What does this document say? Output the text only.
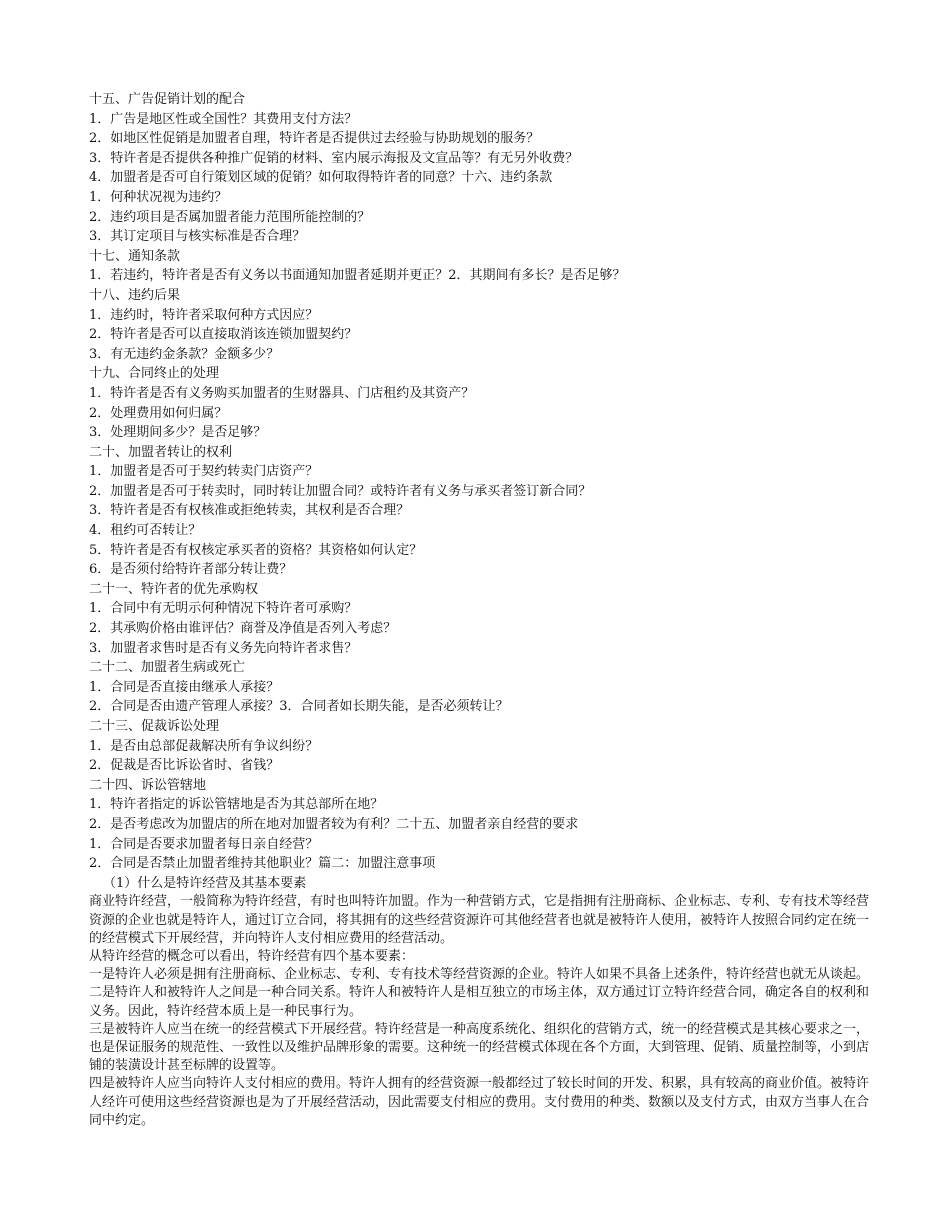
十五、广告促销计划的配合
1．广告是地区性或全国性？其费用支付方法？
2．如地区性促销是加盟者自理，特许者是否提供过去经验与协助规划的服务？
3．特许者是否提供各种推广促销的材料、室内展示海报及文宣品等？有无另外收费？
4．加盟者是否可自行策划区域的促销？如何取得特许者的同意？十六、违约条款
1．何种状况视为违约？
2．违约项目是否属加盟者能力范围所能控制的？
3．其订定项目与核实标准是否合理？
十七、通知条款
1．若违约，特许者是否有义务以书面通知加盟者延期并更正？2．其期间有多长？是否足够？
十八、违约后果
1．违约时，特许者采取何种方式因应？
2．特许者是否可以直接取消该连锁加盟契约？
3．有无违约金条款？金额多少？
十九、合同终止的处理
1．特许者是否有义务购买加盟者的生财器具、门店租约及其资产？
2．处理费用如何归属？
3．处理期间多少？是否足够？
二十、加盟者转让的权利
1．加盟者是否可于契约转卖门店资产？
2．加盟者是否可于转卖时，同时转让加盟合同？或特许者有义务与承买者签订新合同？
3．特许者是否有权核准或拒绝转卖，其权利是否合理？
4．租约可否转让？
5．特许者是否有权核定承买者的资格？其资格如何认定？
6．是否须付给特许者部分转让费？
二十一、特许者的优先承购权
1．合同中有无明示何种情况下特许者可承购？
2．其承购价格由谁评估？商誉及净值是否列入考虑？
3．加盟者求售时是否有义务先向特许者求售？
二十二、加盟者生病或死亡
1．合同是否直接由继承人承接？
2．合同是否由遗产管理人承接？3．合同者如长期失能，是否必须转让？
二十三、促裁诉讼处理
1．是否由总部促裁解决所有争议纠纷？
2．促裁是否比诉讼省时、省钱？
二十四、诉讼管辖地
1．特许者指定的诉讼管辖地是否为其总部所在地？
2．是否考虑改为加盟店的所在地对加盟者较为有利？二十五、加盟者亲自经营的要求
1．合同是否要求加盟者每日亲自经营？
2．合同是否禁止加盟者维持其他职业？篇二：加盟注意事项
（1）什么是特许经营及其基本要素

商业特许经营，一般简称为特许经营，有时也叫特许加盟。作为一种营销方式，它是指拥有注册商标、企业标志、专利、专有技术等经营资源的企业也就是特许人，通过订立合同，将其拥有的这些经营资源许可其他经营者也就是被特许人使用，被特许人按照合同约定在统一的经营模式下开展经营，并向特许人支付相应费用的经营活动。

从特许经营的概念可以看出，特许经营有四个基本要素：

一是特许人必须是拥有注册商标、企业标志、专利、专有技术等经营资源的企业。特许人如果不具备上述条件，特许经营也就无从谈起。

二是特许人和被特许人之间是一种合同关系。特许人和被特许人是相互独立的市场主体，双方通过订立特许经营合同，确定各自的权利和义务。因此，特许经营本质上是一种民事行为。

三是被特许人应当在统一的经营模式下开展经营。特许经营是一种高度系统化、组织化的营销方式，统一的经营模式是其核心要求之一，也是保证服务的规范性、一致性以及维护品牌形象的需要。这种统一的经营模式体现在各个方面，大到管理、促销、质量控制等，小到店铺的装潢设计甚至标牌的设置等。

四是被特许人应当向特许人支付相应的费用。特许人拥有的经营资源一般都经过了较长时间的开发、积累，具有较高的商业价值。被特许人经许可使用这些经营资源也是为了开展经营活动，因此需要支付相应的费用。支付费用的种类、数额以及支付方式，由双方当事人在合同中约定。
